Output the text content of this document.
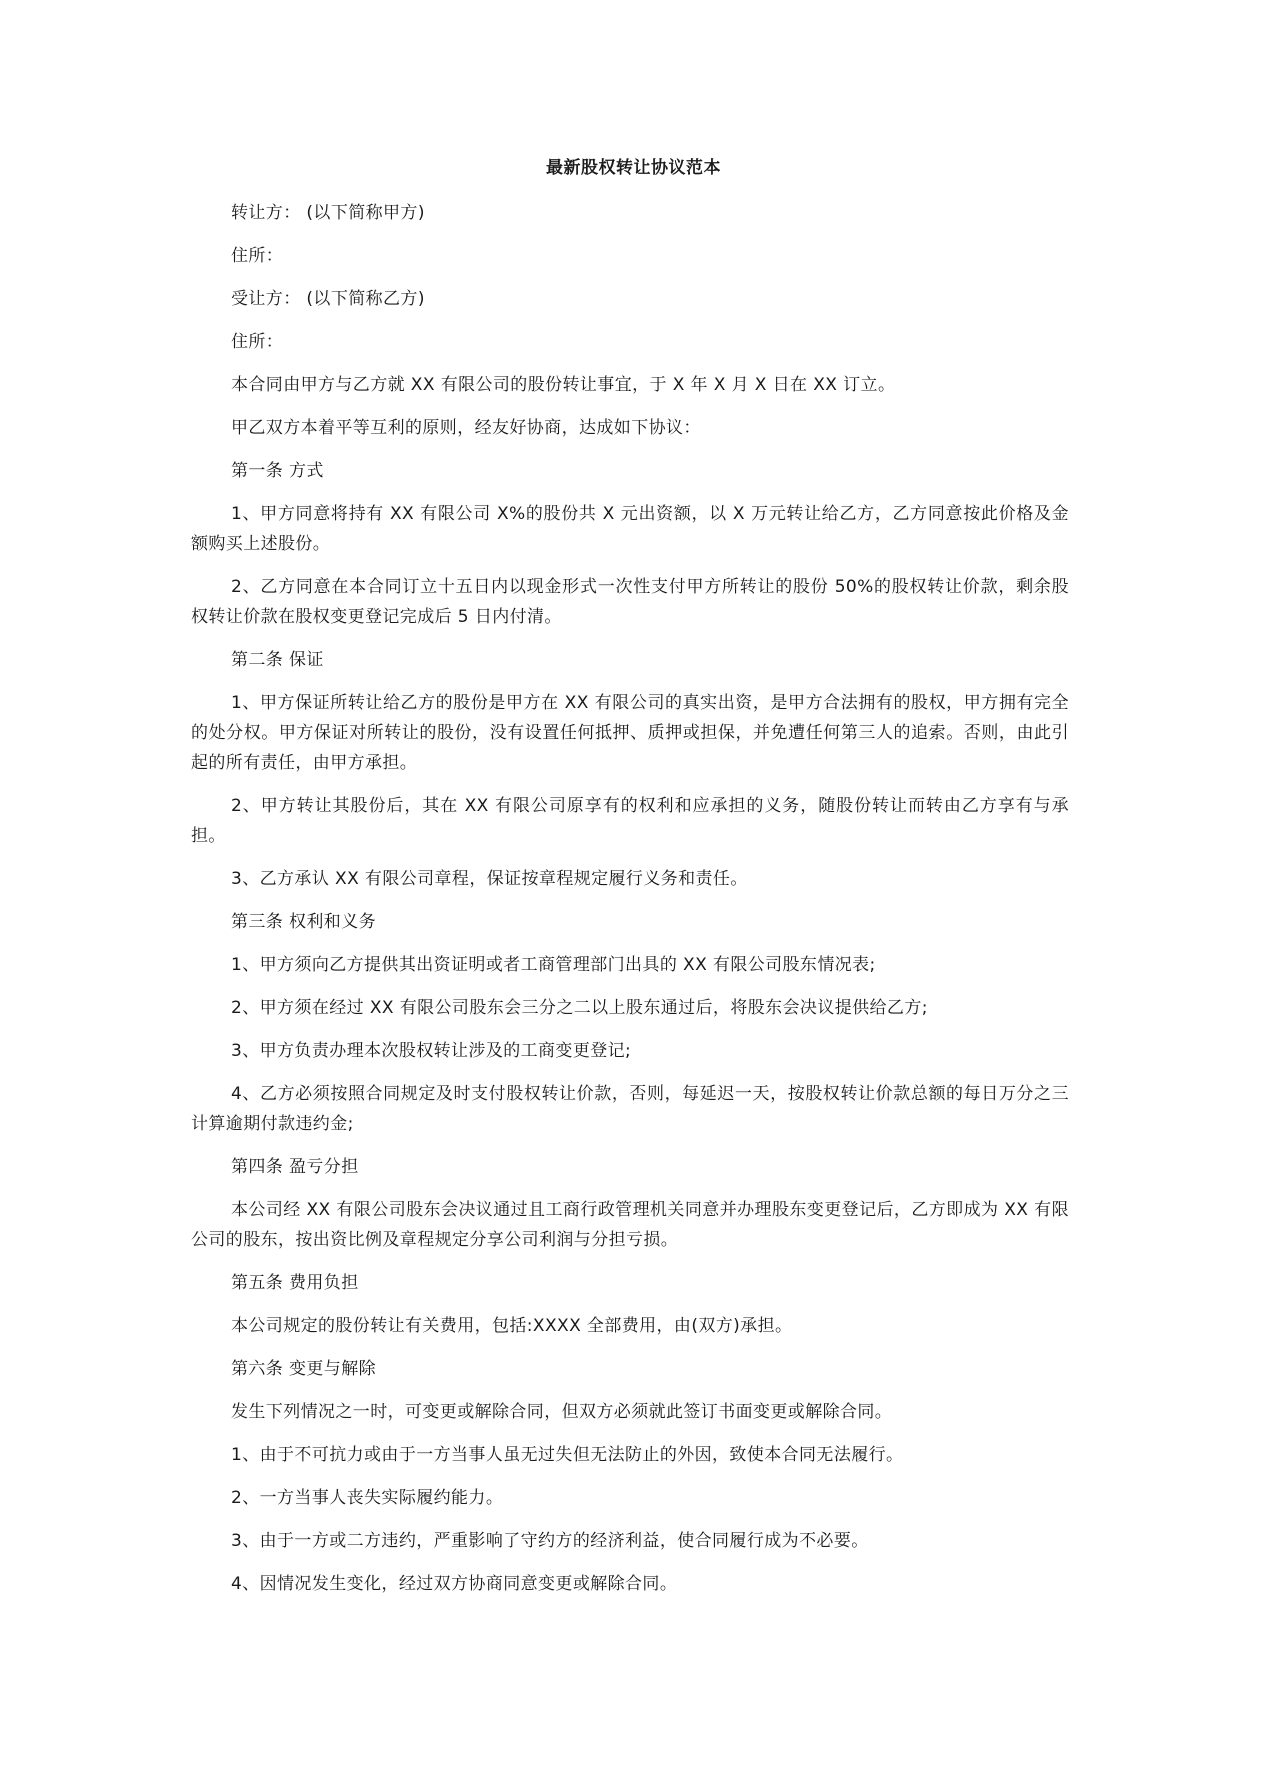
最新股权转让协议范本

转让方： (以下简称甲方)

住所：

受让方： (以下简称乙方)

住所：

本合同由甲方与乙方就 XX 有限公司的股份转让事宜，于 X 年 X 月 X 日在 XX 订立。

甲乙双方本着平等互利的原则，经友好协商，达成如下协议：

第一条 方式

1、甲方同意将持有 XX 有限公司 X%的股份共 X 元出资额，以 X 万元转让给乙方，乙方同意按此价格及金额购买上述股份。

2、乙方同意在本合同订立十五日内以现金形式一次性支付甲方所转让的股份 50%的股权转让价款，剩余股权转让价款在股权变更登记完成后 5 日内付清。

第二条 保证

1、甲方保证所转让给乙方的股份是甲方在 XX 有限公司的真实出资，是甲方合法拥有的股权，甲方拥有完全的处分权。甲方保证对所转让的股份，没有设置任何抵押、质押或担保，并免遭任何第三人的追索。否则，由此引起的所有责任，由甲方承担。

2、甲方转让其股份后，其在 XX 有限公司原享有的权利和应承担的义务，随股份转让而转由乙方享有与承担。

3、乙方承认 XX 有限公司章程，保证按章程规定履行义务和责任。

第三条 权利和义务

1、甲方须向乙方提供其出资证明或者工商管理部门出具的 XX 有限公司股东情况表;

2、甲方须在经过 XX 有限公司股东会三分之二以上股东通过后，将股东会决议提供给乙方;

3、甲方负责办理本次股权转让涉及的工商变更登记;

4、乙方必须按照合同规定及时支付股权转让价款，否则，每延迟一天，按股权转让价款总额的每日万分之三计算逾期付款违约金;

第四条 盈亏分担

本公司经 XX 有限公司股东会决议通过且工商行政管理机关同意并办理股东变更登记后，乙方即成为 XX 有限公司的股东，按出资比例及章程规定分享公司利润与分担亏损。

第五条 费用负担

本公司规定的股份转让有关费用，包括:XXXX 全部费用，由(双方)承担。

第六条 变更与解除

发生下列情况之一时，可变更或解除合同，但双方必须就此签订书面变更或解除合同。

1、由于不可抗力或由于一方当事人虽无过失但无法防止的外因，致使本合同无法履行。

2、一方当事人丧失实际履约能力。

3、由于一方或二方违约，严重影响了守约方的经济利益，使合同履行成为不必要。

4、因情况发生变化，经过双方协商同意变更或解除合同。
